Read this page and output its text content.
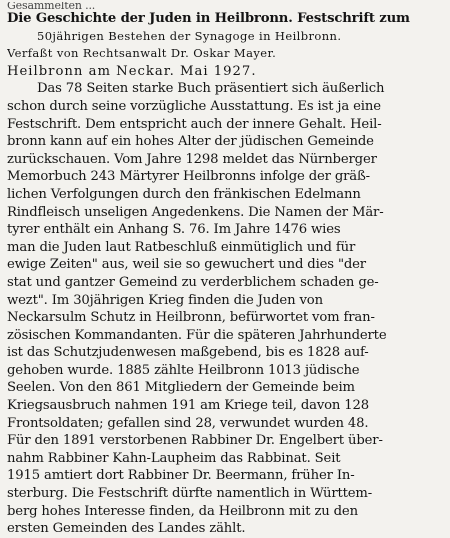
Gesammelten ...
Die Geschichte der Juden in Heilbronn. Festschrift zum
50jährigen Bestehen der Synagoge in Heilbronn.
Verfaßt von Rechtsanwalt Dr. Oskar Mayer.
Heilbronn am Neckar. Mai 1927.
Das 78 Seiten starke Buch präsentiert sich äußerlich
schon durch seine vorzügliche Ausstattung. Es ist ja eine
Festschrift. Dem entspricht auch der innere Gehalt. Heil-
bronn kann auf ein hohes Alter der jüdischen Gemeinde
zurückschauen. Vom Jahre 1298 meldet das Nürnberger
Memorbuch 243 Märtyrer Heilbronns infolge der gräß-
lichen Verfolgungen durch den fränkischen Edelmann
Rindfleisch unseligen Angedenkens. Die Namen der Mär-
tyrer enthält ein Anhang S. 76. Im Jahre 1476 wies
man die Juden laut Ratbeschluß einmütiglich und für
ewige Zeiten" aus, weil sie so gewuchert und dies "der
stat und gantzer Gemeind zu verderblichem schaden ge-
wezt". Im 30jährigen Krieg finden die Juden von
Neckarsulm Schutz in Heilbronn, befürwortet vom fran-
zösischen Kommandanten. Für die späteren Jahrhunderte
ist das Schutzjudenwesen maßgebend, bis es 1828 auf-
gehoben wurde. 1885 zählte Heilbronn 1013 jüdische
Seelen. Von den 861 Mitgliedern der Gemeinde beim
Kriegsausbruch nahmen 191 am Kriege teil, davon 128
Frontsoldaten; gefallen sind 28, verwundet wurden 48.
Für den 1891 verstorbenen Rabbiner Dr. Engelbert über-
nahm Rabbiner Kahn-Laupheim das Rabbinat. Seit
1915 amtiert dort Rabbiner Dr. Beermann, früher In-
sterburg. Die Festschrift dürfte namentlich in Württem-
berg hohes Interesse finden, da Heilbronn mit zu den
ersten Gemeinden des Landes zählt.
